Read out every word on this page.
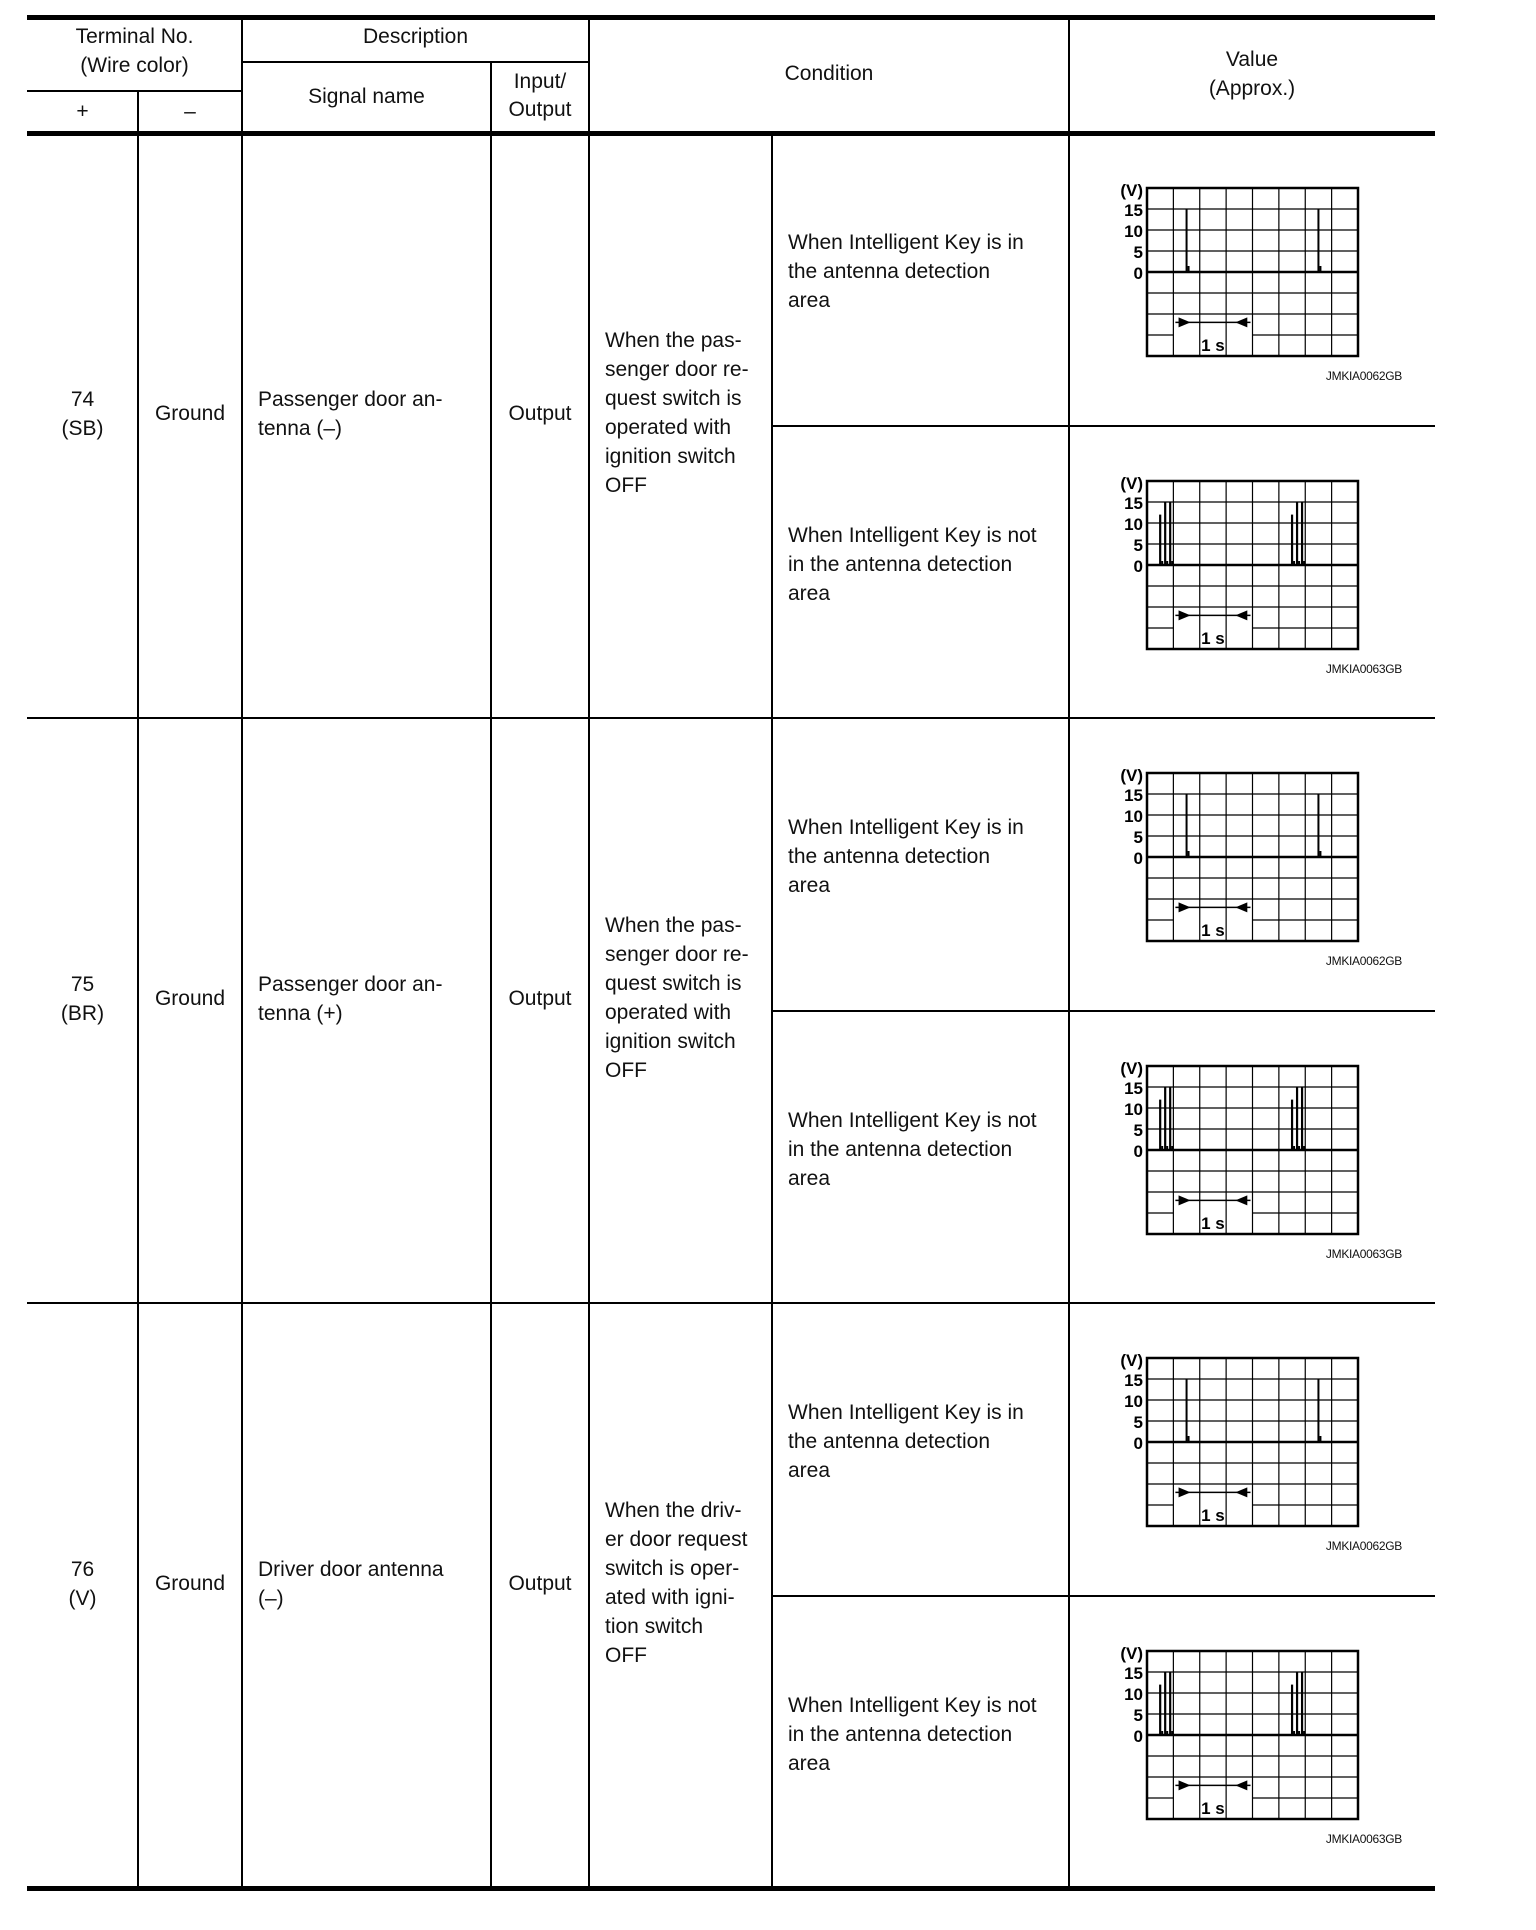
Terminal No.
(Wire color)
+	–
Description
Signal name
Input/
Output
Condition
Value
(Approx.)
74
(SB)
Ground
Passenger door an-
tenna (–)
Output
When the pas-
senger door re-
quest switch is
operated with
ignition switch
OFF
When Intelligent Key is in
the antenna detection
area
(V)
15
10
5
0
1 s
JMKIA0062GB
When Intelligent Key is not
in the antenna detection
area
(V)
15
10
5
0
1 s
JMKIA0063GB
75
(BR)
Ground
Passenger door an-
tenna (+)
Output
When the pas-
senger door re-
quest switch is
operated with
ignition switch
OFF
When Intelligent Key is in
the antenna detection
area
(V)
15
10
5
0
1 s
JMKIA0062GB
When Intelligent Key is not
in the antenna detection
area
(V)
15
10
5
0
1 s
JMKIA0063GB
76
(V)
Ground
Driver door antenna
(–)
Output
When the driv-
er door request
switch is oper-
ated with igni-
tion switch
OFF
When Intelligent Key is in
the antenna detection
area
(V)
15
10
5
0
1 s
JMKIA0062GB
When Intelligent Key is not
in the antenna detection
area
(V)
15
10
5
0
1 s
JMKIA0063GB
